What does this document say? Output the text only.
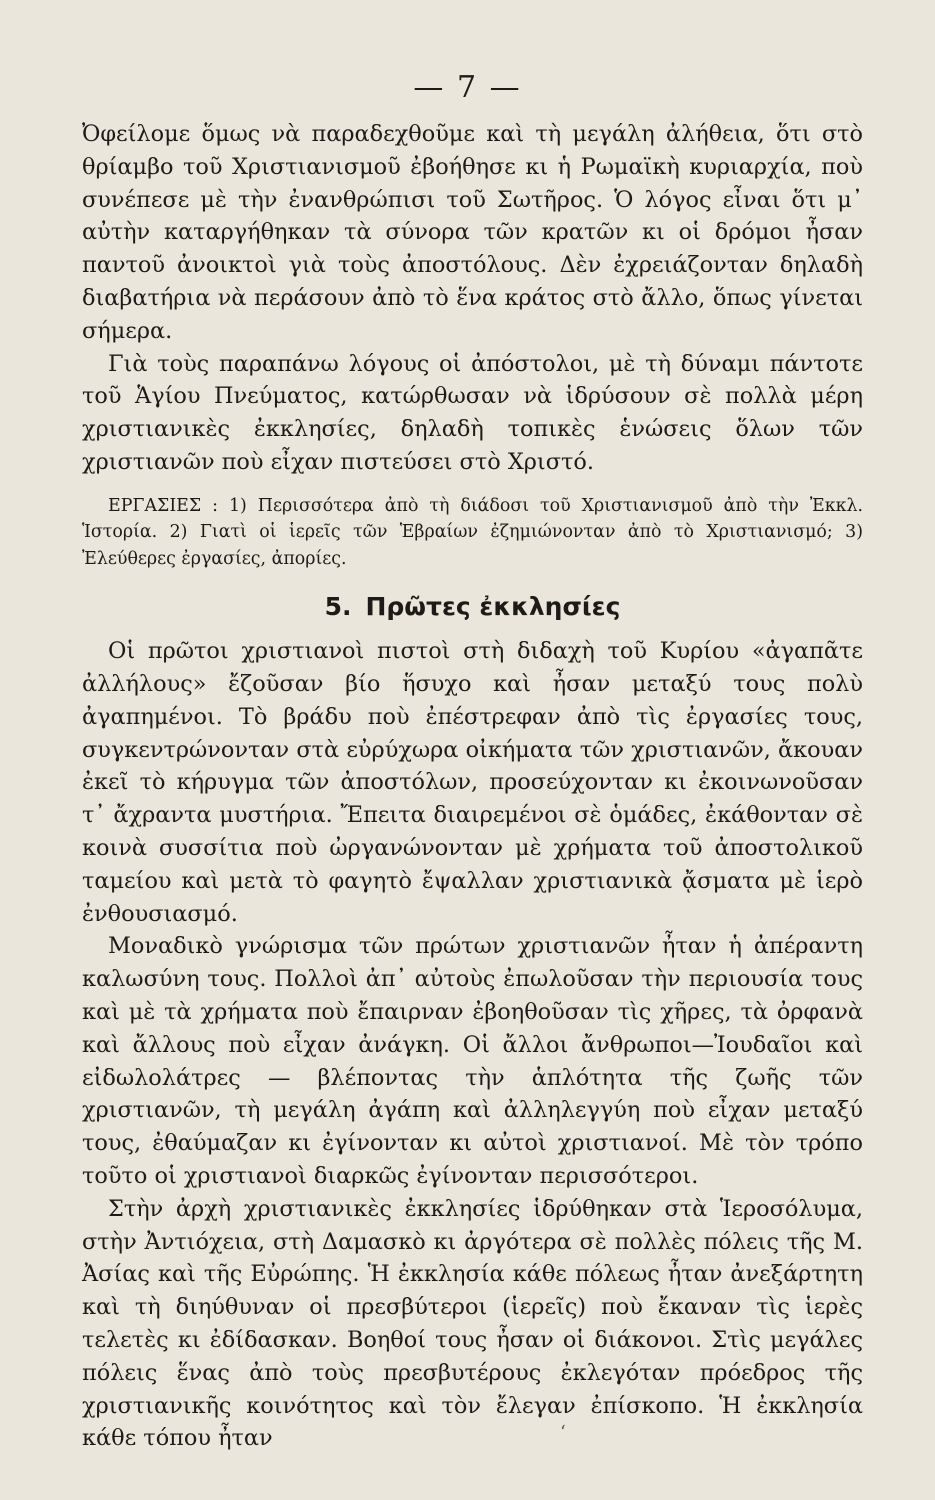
— 7 —

Ὀφείλομε ὅμως νὰ παραδεχθοῦμε καὶ τὴ μεγάλη ἀλήθεια, ὅτι στὸ θρίαμβο τοῦ Χριστιανισμοῦ ἐβοήθησε κι ἡ Ρωμαϊκὴ κυριαρχία, ποὺ συνέπεσε μὲ τὴν ἐνανθρώπισι τοῦ Σωτῆρος. Ὁ λόγος εἶναι ὅτι μ᾽ αὐτὴν καταργήθηκαν τὰ σύνορα τῶν κρατῶν κι οἱ δρόμοι ἦσαν παντοῦ ἀνοικτοὶ γιὰ τοὺς ἀποστόλους. Δὲν ἐχρειάζονταν δηλαδὴ διαβατήρια νὰ περάσουν ἀπὸ τὸ ἕνα κράτος στὸ ἄλλο, ὅπως γίνεται σήμερα.

Γιὰ τοὺς παραπάνω λόγους οἱ ἀπόστολοι, μὲ τὴ δύναμι πάντοτε τοῦ Ἁγίου Πνεύματος, κατώρθωσαν νὰ ἱδρύσουν σὲ πολλὰ μέρη χριστιανικὲς ἐκκλησίες, δηλαδὴ τοπικὲς ἑνώσεις ὅλων τῶν χριστιανῶν ποὺ εἶχαν πιστεύσει στὸ Χριστό.

ΕΡΓΑΣΙΕΣ : 1) Περισσότερα ἀπὸ τὴ διάδοσι τοῦ Χριστιανισμοῦ ἀπὸ τὴν Ἐκκλ. Ἱστορία. 2) Γιατὶ οἱ ἱερεῖς τῶν Ἑβραίων ἐζημιώνονταν ἀπὸ τὸ Χριστιανισμό; 3) Ἐλεύθερες ἐργασίες, ἀπορίες.

5. Πρῶτες ἐκκλησίες

Οἱ πρῶτοι χριστιανοὶ πιστοὶ στὴ διδαχὴ τοῦ Κυρίου «ἀγαπᾶτε ἀλλήλους» ἔζοῦσαν βίο ἥσυχο καὶ ἦσαν μεταξύ τους πολὺ ἀγαπημένοι. Τὸ βράδυ ποὺ ἐπέστρεφαν ἀπὸ τὶς ἐργασίες τους, συγκεντρώνονταν στὰ εὐρύχωρα οἰκήματα τῶν χριστιανῶν, ἄκουαν ἐκεῖ τὸ κήρυγμα τῶν ἀποστόλων, προσεύχονταν κι ἐκοινωνοῦσαν τ᾽ ἄχραντα μυστήρια. Ἔπειτα διαιρεμένοι σὲ ὁμάδες, ἐκάθονταν σὲ κοινὰ συσσίτια ποὺ ὠργανώνονταν μὲ χρήματα τοῦ ἀποστολικοῦ ταμείου καὶ μετὰ τὸ φαγητὸ ἔψαλλαν χριστιανικὰ ᾄσματα μὲ ἱερὸ ἐνθουσιασμό.

Μοναδικὸ γνώρισμα τῶν πρώτων χριστιανῶν ἦταν ἡ ἀπέραντη καλωσύνη τους. Πολλοὶ ἀπ᾽ αὐτοὺς ἐπωλοῦσαν τὴν περιουσία τους καὶ μὲ τὰ χρήματα ποὺ ἔπαιρναν ἐβοηθοῦσαν τὶς χῆρες, τὰ ὀρφανὰ καὶ ἄλλους ποὺ εἶχαν ἀνάγκη. Οἱ ἄλλοι ἄνθρωποι—Ἰουδαῖοι καὶ εἰδωλολάτρες — βλέποντας τὴν ἁπλότητα τῆς ζωῆς τῶν χριστιανῶν, τὴ μεγάλη ἀγάπη καὶ ἀλληλεγγύη ποὺ εἶχαν μεταξύ τους, ἐθαύμαζαν κι ἐγίνονταν κι αὐτοὶ χριστιανοί. Μὲ τὸν τρόπο τοῦτο οἱ χριστιανοὶ διαρκῶς ἐγίνονταν περισσότεροι.

Στὴν ἀρχὴ χριστιανικὲς ἐκκλησίες ἱδρύθηκαν στὰ Ἱεροσόλυμα, στὴν Ἀντιόχεια, στὴ Δαμασκὸ κι ἀργότερα σὲ πολλὲς πόλεις τῆς Μ. Ἀσίας καὶ τῆς Εὐρώπης. Ἡ ἐκκλησία κάθε πόλεως ἦταν ἀνεξάρτητη καὶ τὴ διηύθυναν οἱ πρεσβύτεροι (ἱερεῖς) ποὺ ἔκαναν τὶς ἱερὲς τελετὲς κι ἐδίδασκαν. Βοηθοί τους ἦσαν οἱ διάκονοι. Στὶς μεγάλες πόλεις ἕνας ἀπὸ τοὺς πρεσβυτέρους ἐκλεγόταν πρόεδρος τῆς χριστιανικῆς κοινότητος καὶ τὸν ἔλεγαν ἐπίσκοπο. Ἡ ἐκκλησία κάθε τόπου ἦταν	ʻ
